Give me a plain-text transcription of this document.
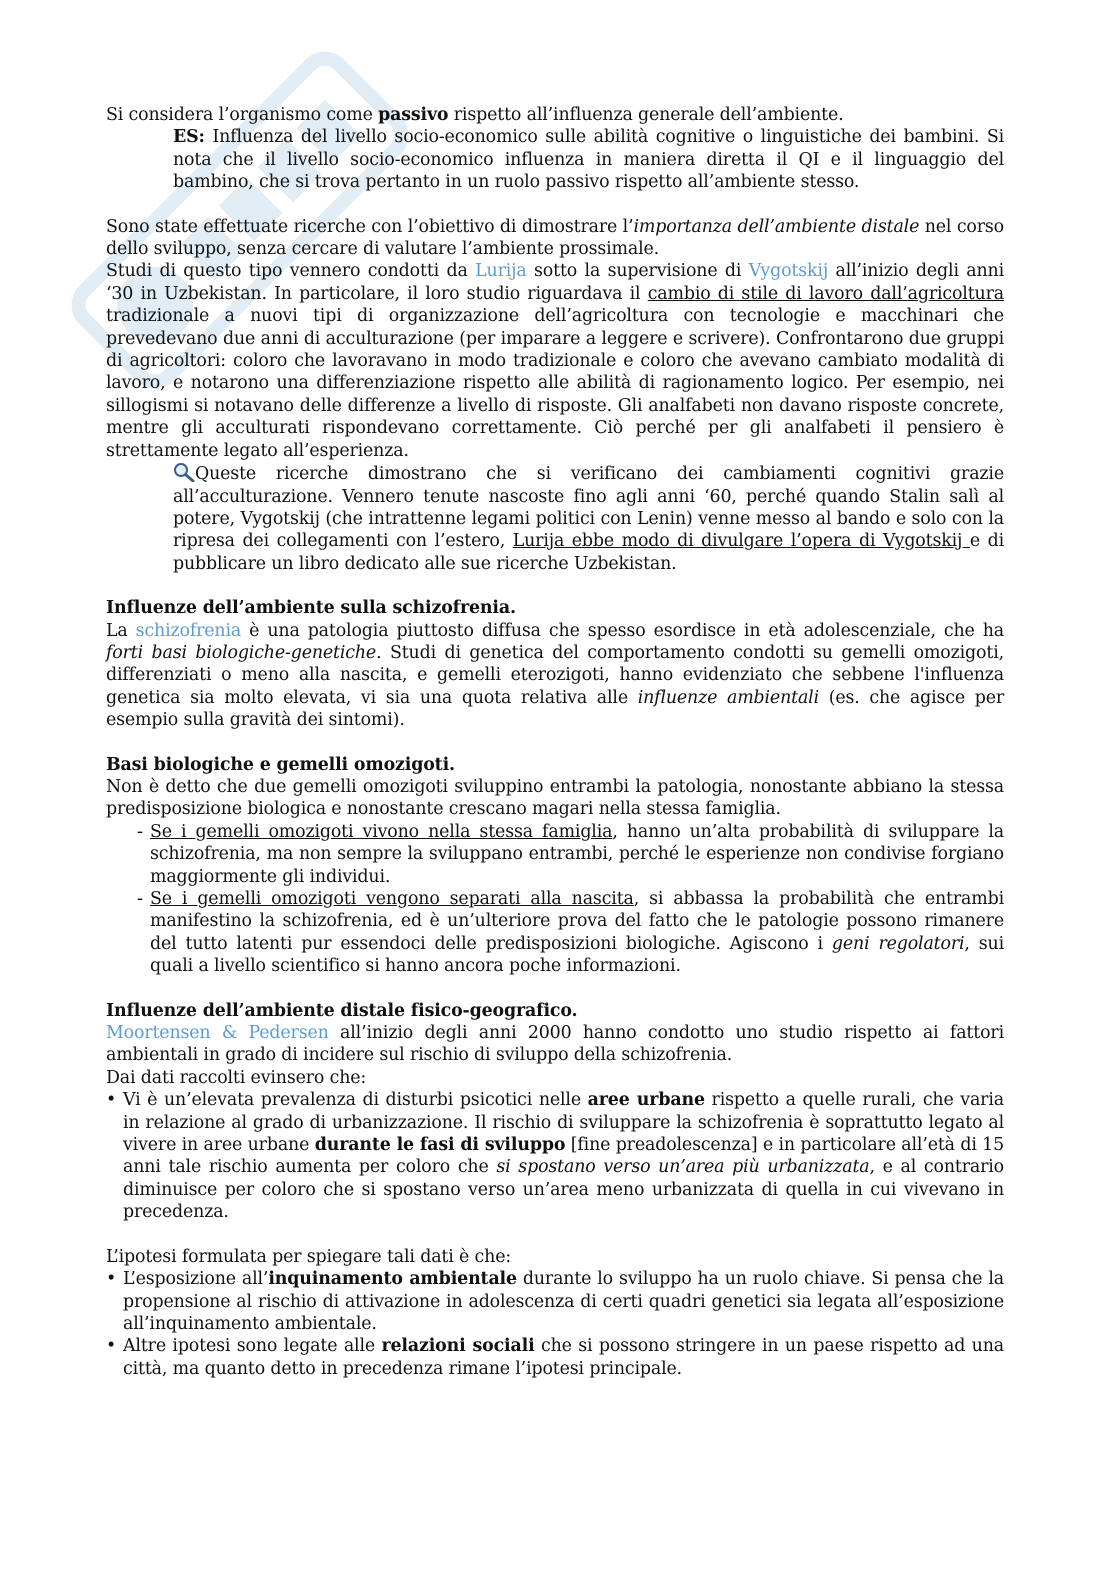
Si considera l’organismo come passivo rispetto all’influenza generale dell’ambiente.

ES: Influenza del livello socio-economico sulle abilità cognitive o linguistiche dei bambini. Si nota che il livello socio-economico influenza in maniera diretta il QI e il linguaggio del bambino, che si trova pertanto in un ruolo passivo rispetto all’ambiente stesso.

Sono state effettuate ricerche con l’obiettivo di dimostrare l’importanza dell’ambiente distale nel corso dello sviluppo, senza cercare di valutare l’ambiente prossimale.

Studi di questo tipo vennero condotti da Lurija sotto la supervisione di Vygotskij all’inizio degli anni ‘30 in Uzbekistan. In particolare, il loro studio riguardava il cambio di stile di lavoro dall’agricoltura tradizionale a nuovi tipi di organizzazione dell’agricoltura con tecnologie e macchinari che prevedevano due anni di acculturazione (per imparare a leggere e scrivere). Confrontarono due gruppi di agricoltori: coloro che lavoravano in modo tradizionale e coloro che avevano cambiato modalità di lavoro, e notarono una differenziazione rispetto alle abilità di ragionamento logico. Per esempio, nei sillogismi si notavano delle differenze a livello di risposte. Gli analfabeti non davano risposte concrete, mentre gli acculturati rispondevano correttamente. Ciò perché per gli analfabeti il pensiero è strettamente legato all’esperienza.

Queste ricerche dimostrano che si verificano dei cambiamenti cognitivi grazie all’acculturazione. Vennero tenute nascoste fino agli anni ‘60, perché quando Stalin salì al potere, Vygotskij (che intrattenne legami politici con Lenin) venne messo al bando e solo con la ripresa dei collegamenti con l’estero, Lurija ebbe modo di divulgare l’opera di Vygotskij e di pubblicare un libro dedicato alle sue ricerche Uzbekistan.

Influenze dell’ambiente sulla schizofrenia.

La schizofrenia è una patologia piuttosto diffusa che spesso esordisce in età adolescenziale, che ha forti basi biologiche-genetiche. Studi di genetica del comportamento condotti su gemelli omozigoti, differenziati o meno alla nascita, e gemelli eterozigoti, hanno evidenziato che sebbene l'influenza genetica sia molto elevata, vi sia una quota relativa alle influenze ambientali (es. che agisce per esempio sulla gravità dei sintomi).

Basi biologiche e gemelli omozigoti.

Non è detto che due gemelli omozigoti sviluppino entrambi la patologia, nonostante abbiano la stessa predisposizione biologica e nonostante crescano magari nella stessa famiglia.

- Se i gemelli omozigoti vivono nella stessa famiglia, hanno un’alta probabilità di sviluppare la schizofrenia, ma non sempre la sviluppano entrambi, perché le esperienze non condivise forgiano maggiormente gli individui.
- Se i gemelli omozigoti vengono separati alla nascita, si abbassa la probabilità che entrambi manifestino la schizofrenia, ed è un’ulteriore prova del fatto che le patologie possono rimanere del tutto latenti pur essendoci delle predisposizioni biologiche. Agiscono i geni regolatori, sui quali a livello scientifico si hanno ancora poche informazioni.

Influenze dell’ambiente distale fisico-geografico.

Moortensen & Pedersen all’inizio degli anni 2000 hanno condotto uno studio rispetto ai fattori ambientali in grado di incidere sul rischio di sviluppo della schizofrenia.

Dai dati raccolti evinsero che:

• Vi è un’elevata prevalenza di disturbi psicotici nelle aree urbane rispetto a quelle rurali, che varia in relazione al grado di urbanizzazione. Il rischio di sviluppare la schizofrenia è soprattutto legato al vivere in aree urbane durante le fasi di sviluppo [fine preadolescenza] e in particolare all’età di 15 anni tale rischio aumenta per coloro che si spostano verso un’area più urbanizzata, e al contrario diminuisce per coloro che si spostano verso un’area meno urbanizzata di quella in cui vivevano in precedenza.

L’ipotesi formulata per spiegare tali dati è che:

• L’esposizione all’inquinamento ambientale durante lo sviluppo ha un ruolo chiave. Si pensa che la propensione al rischio di attivazione in adolescenza di certi quadri genetici sia legata all’esposizione all’inquinamento ambientale.
• Altre ipotesi sono legate alle relazioni sociali che si possono stringere in un paese rispetto ad una città, ma quanto detto in precedenza rimane l’ipotesi principale.
